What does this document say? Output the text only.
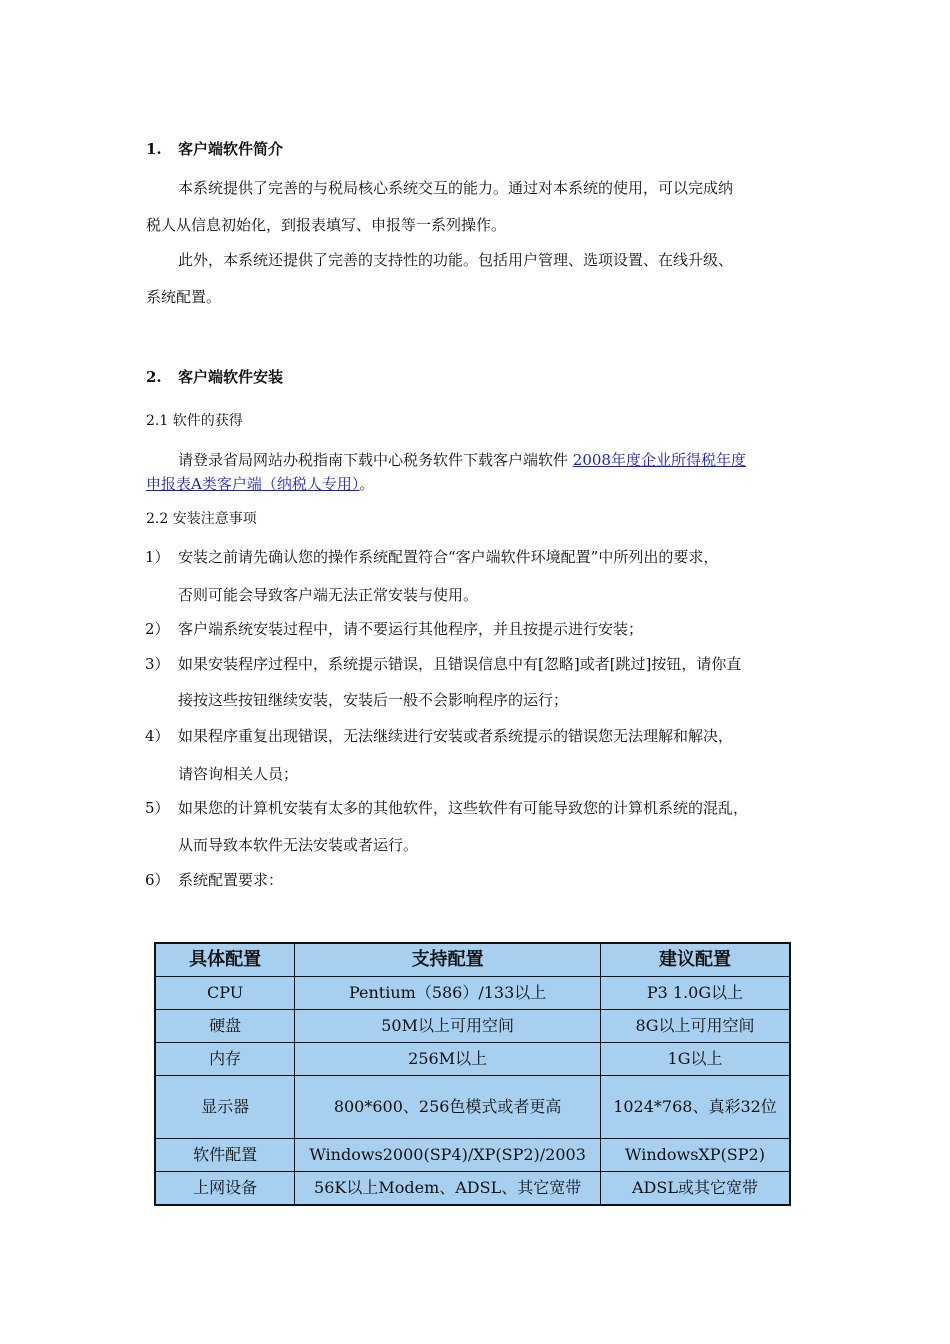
1. 客户端软件简介
本系统提供了完善的与税局核心系统交互的能力。通过对本系统的使用，可以完成纳
税人从信息初始化，到报表填写、申报等一系列操作。
此外，本系统还提供了完善的支持性的功能。包括用户管理、选项设置、在线升级、
系统配置。
2. 客户端软件安装
2.1 软件的获得
请登录省局网站办税指南下载中心税务软件下载客户端软件 2008年度企业所得税年度
申报表A类客户端（纳税人专用）。
2.2 安装注意事项
1） 安装之前请先确认您的操作系统配置符合“客户端软件环境配置”中所列出的要求，
否则可能会导致客户端无法正常安装与使用。
2） 客户端系统安装过程中，请不要运行其他程序，并且按提示进行安装；
3） 如果安装程序过程中，系统提示错误，且错误信息中有[忽略]或者[跳过]按钮，请你直
接按这些按钮继续安装，安装后一般不会影响程序的运行；
4） 如果程序重复出现错误，无法继续进行安装或者系统提示的错误您无法理解和解决，
请咨询相关人员；
5） 如果您的计算机安装有太多的其他软件，这些软件有可能导致您的计算机系统的混乱，
从而导致本软件无法安装或者运行。
6） 系统配置要求：
具体配置	支持配置	建议配置
CPU	Pentium（586）/133以上	P3 1.0G以上
硬盘	50M以上可用空间	8G以上可用空间
内存	256M以上	1G以上
显示器	800*600、256色模式或者更高	1024*768、真彩32位
软件配置	Windows2000(SP4)/XP(SP2)/2003	WindowsXP(SP2)
上网设备	56K以上Modem、ADSL、其它宽带	ADSL或其它宽带
